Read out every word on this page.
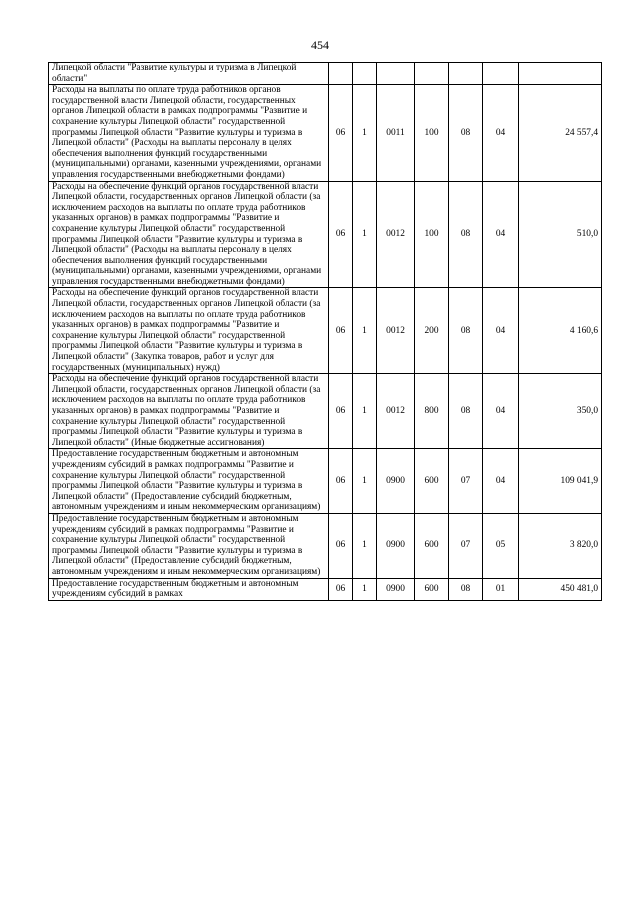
454
Липецкой области "Развитие культуры и туризма в Липецкой области"							
Расходы на выплаты по оплате труда работников органов государственной власти Липецкой области, государственных органов Липецкой области в рамках подпрограммы "Развитие и сохранение культуры Липецкой области" государственной программы Липецкой области "Развитие культуры и туризма в Липецкой области" (Расходы на выплаты персоналу в целях обеспечения выполнения функций государственными (муниципальными) органами, казенными учреждениями, органами управления государственными внебюджетными фондами)	06	1	0011	100	08	04	24 557,4
Расходы на обеспечение функций органов государственной власти Липецкой области, государственных органов Липецкой области (за исключением расходов на выплаты по оплате труда работников указанных органов) в рамках подпрограммы "Развитие и сохранение культуры Липецкой области" государственной программы Липецкой области "Развитие культуры и туризма в Липецкой области" (Расходы на выплаты персоналу в целях обеспечения выполнения функций государственными (муниципальными) органами, казенными учреждениями, органами управления государственными внебюджетными фондами)	06	1	0012	100	08	04	510,0
Расходы на обеспечение функций органов государственной власти Липецкой области, государственных органов Липецкой области (за исключением расходов на выплаты по оплате труда работников указанных органов) в рамках подпрограммы "Развитие и сохранение культуры Липецкой области" государственной программы Липецкой области "Развитие культуры и туризма в Липецкой области" (Закупка товаров, работ и услуг для государственных (муниципальных) нужд)	06	1	0012	200	08	04	4 160,6
Расходы на обеспечение функций органов государственной власти Липецкой области, государственных органов Липецкой области (за исключением расходов на выплаты по оплате труда работников указанных органов) в рамках подпрограммы "Развитие и сохранение культуры Липецкой области" государственной программы Липецкой области "Развитие культуры и туризма в Липецкой области" (Иные бюджетные ассигнования)	06	1	0012	800	08	04	350,0
Предоставление государственным бюджетным и автономным учреждениям субсидий в рамках подпрограммы "Развитие и сохранение культуры Липецкой области" государственной программы Липецкой области "Развитие культуры и туризма в Липецкой области" (Предоставление субсидий бюджетным, автономным учреждениям и иным некоммерческим организациям)	06	1	0900	600	07	04	109 041,9
Предоставление государственным бюджетным и автономным учреждениям субсидий в рамках подпрограммы "Развитие и сохранение культуры Липецкой области" государственной программы Липецкой области "Развитие культуры и туризма в Липецкой области" (Предоставление субсидий бюджетным, автономным учреждениям и иным некоммерческим организациям)	06	1	0900	600	07	05	3 820,0
Предоставление государственным бюджетным и автономным учреждениям субсидий в рамках	06	1	0900	600	08	01	450 481,0
